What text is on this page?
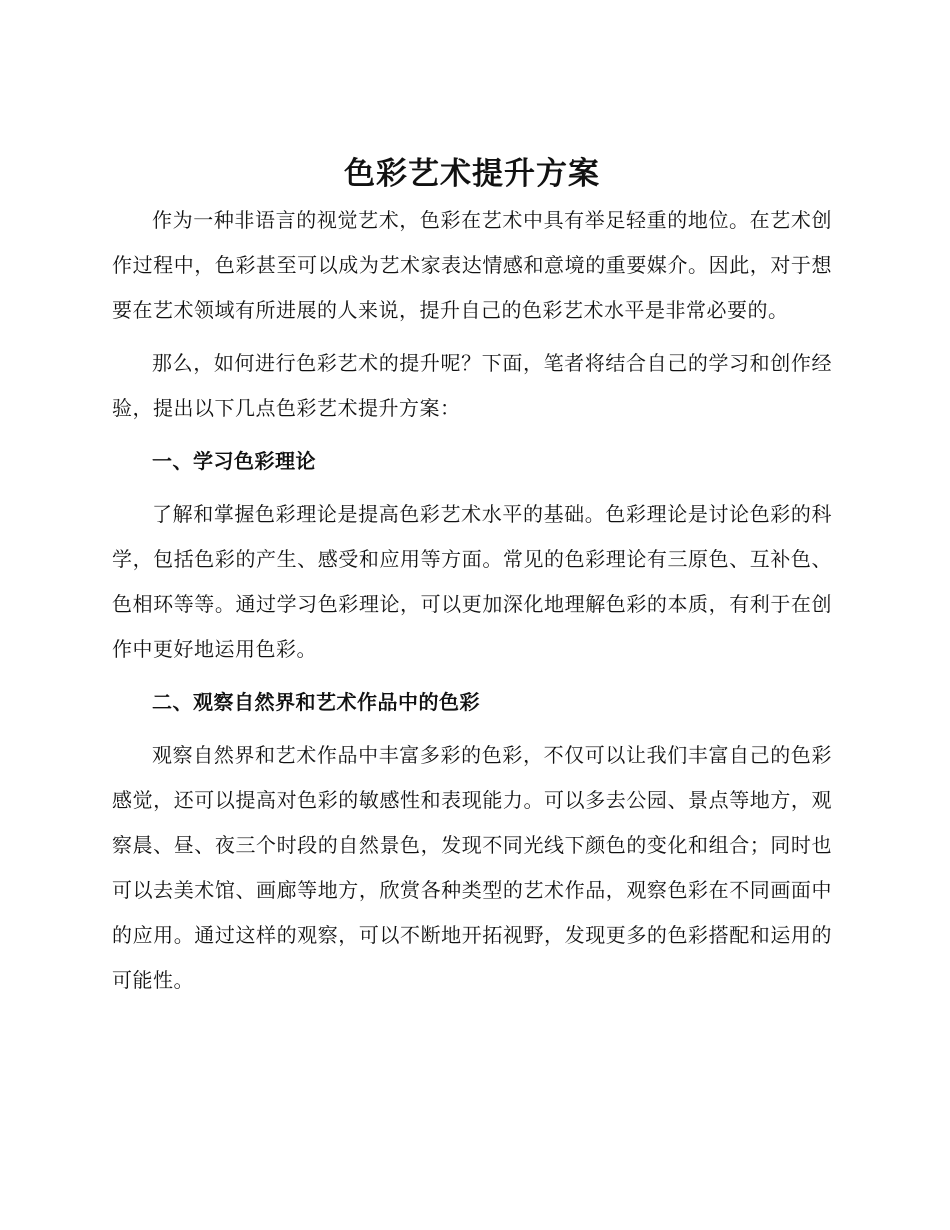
色彩艺术提升方案

作为一种非语言的视觉艺术，色彩在艺术中具有举足轻重的地位。在艺术创作过程中，色彩甚至可以成为艺术家表达情感和意境的重要媒介。因此，对于想要在艺术领域有所进展的人来说，提升自己的色彩艺术水平是非常必要的。

那么，如何进行色彩艺术的提升呢？下面，笔者将结合自己的学习和创作经验，提出以下几点色彩艺术提升方案：

一、学习色彩理论

了解和掌握色彩理论是提高色彩艺术水平的基础。色彩理论是讨论色彩的科学，包括色彩的产生、感受和应用等方面。常见的色彩理论有三原色、互补色、色相环等等。通过学习色彩理论，可以更加深化地理解色彩的本质，有利于在创作中更好地运用色彩。

二、观察自然界和艺术作品中的色彩

观察自然界和艺术作品中丰富多彩的色彩，不仅可以让我们丰富自己的色彩感觉，还可以提高对色彩的敏感性和表现能力。可以多去公园、景点等地方，观察晨、昼、夜三个时段的自然景色，发现不同光线下颜色的变化和组合；同时也可以去美术馆、画廊等地方，欣赏各种类型的艺术作品，观察色彩在不同画面中的应用。通过这样的观察，可以不断地开拓视野，发现更多的色彩搭配和运用的可能性。
